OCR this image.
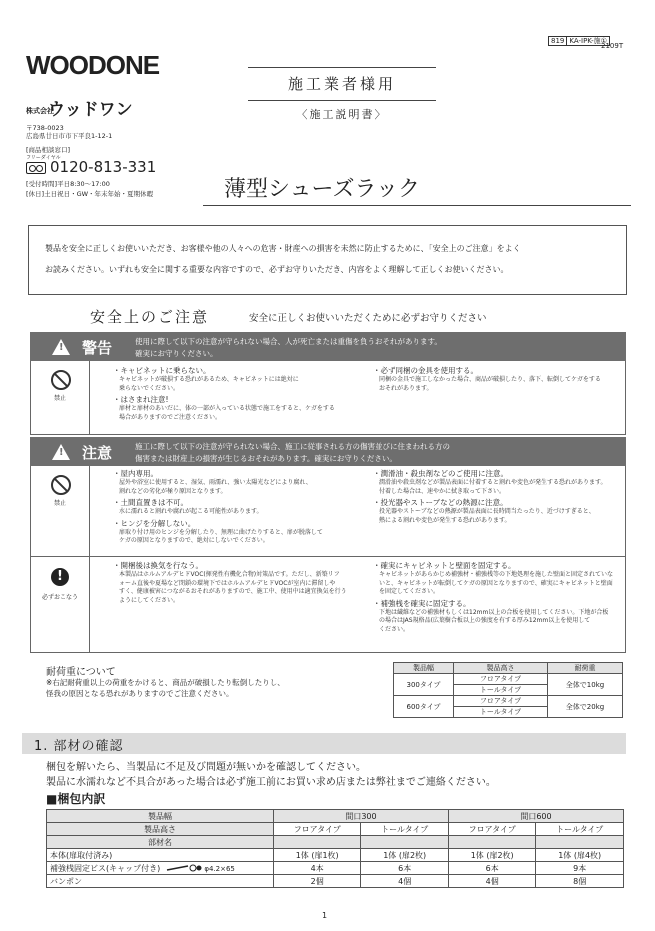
819 KA-IPK-施①
2109T
WOODONE
株式会社ウッドワン
〒738-0023
広島県廿日市市下平良1-12-1
[商品相談窓口]
フリーダイヤル
0120-813-331
[受付時間]平日8:30〜17:00
[休日]土日祝日・GW・年末年始・夏期休暇
施工業者様用
〈施工説明書〉
薄型シューズラック
製品を安全に正しくお使いいただき、お客様や他の人々への危害・財産への損害を未然に防止するために、「安全上のご注意」をよく
お読みください。いずれも安全に関する重要な内容ですので、必ずお守りいただき、内容をよく理解して正しくお使いください。
安全上のご注意	安全に正しくお使いいただくために必ずお守りください
! 警告	使用に際して以下の注意が守られない場合、人が死亡または重傷を負うおそれがあります。
確実にお守りください。
禁止
・キャビネットに乗らない。
キャビネットが破損する恐れがあるため、キャビネットには絶対に
乗らないでください。
・はさまれ注意!
扉材と扉材のあいだに、体の一部が入っている状態で施工をすると、ケガをする
場合がありますのでご注意ください。
・必ず同梱の金具を使用する。
同梱の金具で施工しなかった場合、商品が破損したり、落下、転倒してケガをする
おそれがあります。
! 注意	施工に際して以下の注意が守られない場合、施工に従事される方の傷害並びに住まわれる方の
傷害または財産上の損害が生じるおそれがあります。確実にお守りください。
禁止
・屋内専用。
屋外や浴室に使用すると、湿気、雨濡れ、強い太陽光などにより腐れ、
割れなどの劣化が極り原因となります。
・土間直置きは不可。
水に濡れると割れや腐れが起こる可能性があります。
・ヒンジを分解しない。
扉取り付け用のヒンジを分解したり、無理に曲げたりすると、扉が脱落して
ケガの原因となりますので、絶対にしないでください。
・潤滑油・殺虫剤などのご使用に注意。
潤滑油や殺虫剤などが製品表面に付着すると割れや変色が発生する恐れがあります。
付着した場合は、速やかに拭き取って下さい。
・投光器やストーブなどの熱源に注意。
投光器やストーブなどの熱源が製品表面に長時間当たったり、近づけすぎると、
熱による割れや変色が発生する恐れがあります。
!
必ずおこなう
・開梱後は換気を行なう。
本製品はホルムアルデヒドVOC(揮発性有機化合物)対策品です。ただし、新築リフ
ォーム直後や夏場など閉鎖の環境下ではホルムアルデヒドVOCが室内に滞留しや
すく、健康被害につながるおそれがありますので、施工中、使用中は適宜換気を行う
ようにしてください。
・確実にキャビネットと壁面を固定する。
キャビネットがあらかじめ補強材・補強桟等の下地処理を施した壁面と固定されていな
いと、キャビネットが転倒してケガの原因となりますので、確実にキャビネットと壁面
を固定してください。
・補強桟を確実に固定する。
下地は繊維などの補強材もしくは12mm以上の合板を使用してください。下地が合板
の場合はJAS規格品(広葉樹合板以上の強度を有する厚み12mm以上を使用して
ください。
耐荷重について
※右記耐荷重以上の荷重をかけると、商品が破損したり転倒したりし、
怪我の原因となる恐れがありますのでご注意ください。
製品幅	製品高さ	耐荷重
300タイプ	フロアタイプ	全体で10kg
	トールタイプ	
600タイプ	フロアタイプ	全体で20kg
	トールタイプ	
1. 部材の確認
梱包を解いたら、当製品に不足及び問題が無いかを確認してください。
製品に水濡れなど不具合があった場合は必ず施工前にお買い求め店または弊社までご連絡ください。
■梱包内訳
製品幅	間口300		間口600	
製品高さ	フロアタイプ	トールタイプ	フロアタイプ	トールタイプ
部材名				
本体(扉取付済み)	1体 (扉1枚)	1体 (扉2枚)	1体 (扉2枚)	1体 (扉4枚)
補強桟固定ビス(キャップ付き) φ4.2×65	4本	6本	6本	9本
バンポン	2個	4個	4個	8個
1
